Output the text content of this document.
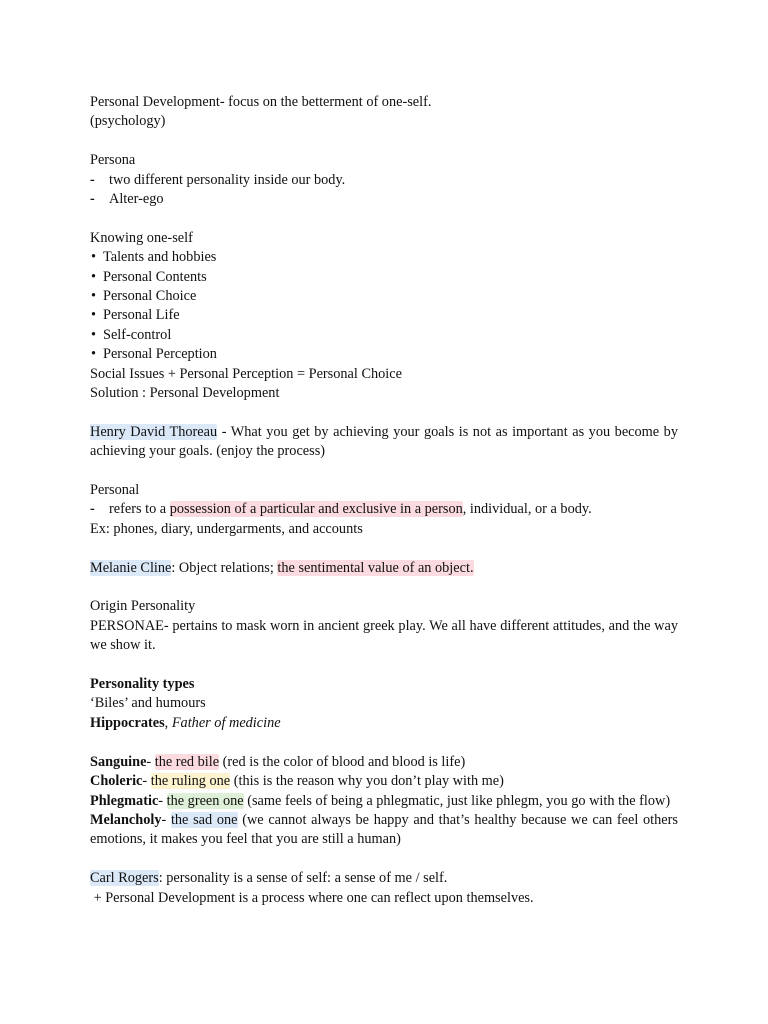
Personal Development- focus on the betterment of one-self.
(psychology)
Persona
- two different personality inside our body.
- Alter-ego
Knowing one-self
• Talents and hobbies
• Personal Contents
• Personal Choice
• Personal Life
• Self-control
• Personal Perception
Social Issues + Personal Perception = Personal Choice
Solution : Personal Development
Henry David Thoreau - What you get by achieving your goals is not as important as you become by achieving your goals. (enjoy the process)
Personal
- refers to a possession of a particular and exclusive in a person, individual, or a body.
Ex: phones, diary, undergarments, and accounts
Melanie Cline: Object relations; the sentimental value of an object.
Origin Personality
PERSONAE- pertains to mask worn in ancient greek play. We all have different attitudes, and the way we show it.
Personality types
‘Biles’ and humours
Hippocrates, Father of medicine
Sanguine- the red bile (red is the color of blood and blood is life)
Choleric- the ruling one (this is the reason why you don’t play with me)
Phlegmatic- the green one (same feels of being a phlegmatic, just like phlegm, you go with the flow)
Melancholy- the sad one (we cannot always be happy and that’s healthy because we can feel others emotions, it makes you feel that you are still a human)
Carl Rogers: personality is a sense of self: a sense of me / self.
+ Personal Development is a process where one can reflect upon themselves.
